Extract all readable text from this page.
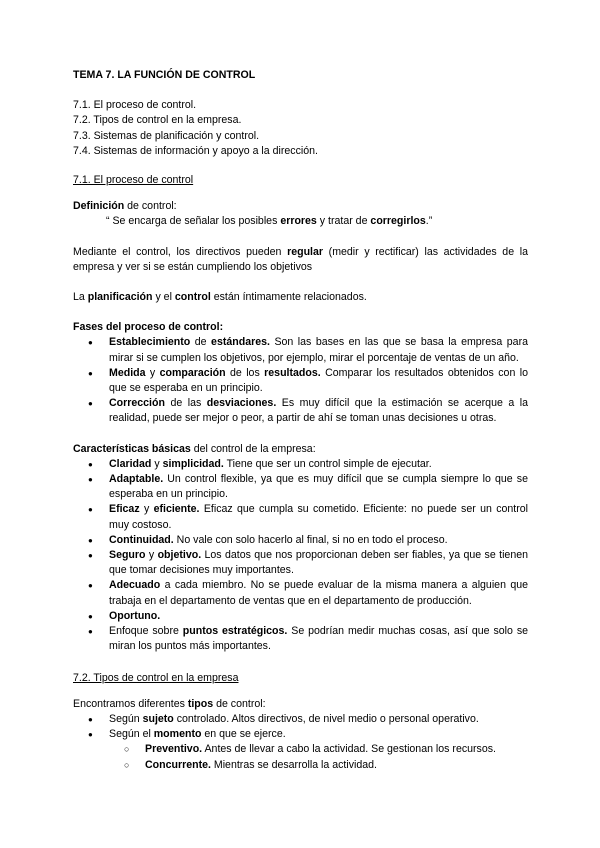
TEMA 7. LA FUNCIÓN DE CONTROL
7.1. El proceso de control.
7.2. Tipos de control en la empresa.
7.3. Sistemas de planificación y control.
7.4. Sistemas de información y apoyo a la dirección.
7.1. El proceso de control
Definición de control:
“ Se encarga de señalar los posibles errores y tratar de corregirlos.”
Mediante el control, los directivos pueden regular (medir y rectificar) las actividades de la empresa y ver si se están cumpliendo los objetivos
La planificación y el control están íntimamente relacionados.
Fases del proceso de control:
● Establecimiento de estándares. Son las bases en las que se basa la empresa para mirar si se cumplen los objetivos, por ejemplo, mirar el porcentaje de ventas de un año.
● Medida y comparación de los resultados. Comparar los resultados obtenidos con lo que se esperaba en un principio.
● Corrección de las desviaciones. Es muy difícil que la estimación se acerque a la realidad, puede ser mejor o peor, a partir de ahí se toman unas decisiones u otras.
Características básicas del control de la empresa:
● Claridad y simplicidad. Tiene que ser un control simple de ejecutar.
● Adaptable. Un control flexible, ya que es muy difícil que se cumpla siempre lo que se esperaba en un principio.
● Eficaz y eficiente. Eficaz que cumpla su cometido. Eficiente: no puede ser un control muy costoso.
● Continuidad. No vale con solo hacerlo al final, si no en todo el proceso.
● Seguro y objetivo. Los datos que nos proporcionan deben ser fiables, ya que se tienen que tomar decisiones muy importantes.
● Adecuado a cada miembro. No se puede evaluar de la misma manera a alguien que trabaja en el departamento de ventas que en el departamento de producción.
● Oportuno.
● Enfoque sobre puntos estratégicos. Se podrían medir muchas cosas, así que solo se miran los puntos más importantes.
7.2. Tipos de control en la empresa
Encontramos diferentes tipos de control:
● Según sujeto controlado. Altos directivos, de nivel medio o personal operativo.
● Según el momento en que se ejerce.
○ Preventivo. Antes de llevar a cabo la actividad. Se gestionan los recursos.
○ Concurrente. Mientras se desarrolla la actividad.
